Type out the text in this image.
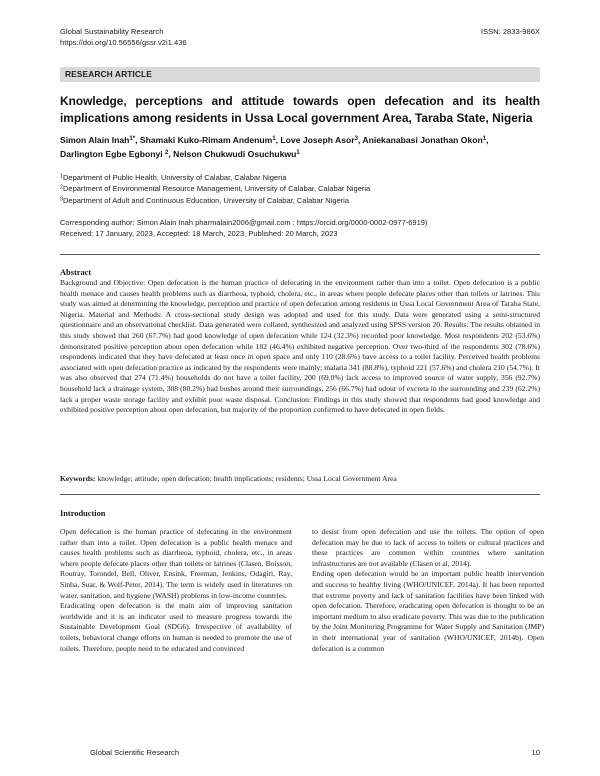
Global Sustainability Research
https://doi.org/10.56556/gssr.v2i1.436
ISSN: 2833-986X
RESEARCH ARTICLE
Knowledge, perceptions and attitude towards open defecation and its health implications among residents in Ussa Local government Area, Taraba State, Nigeria
Simon Alain Inah$^{1*}$, Shamaki Kuko-Rimam Andenum$^1$, Love Joseph Asor$^3$, Aniekanabasi Jonathan Okon$^1$,
Darlington Egbe Egbonyi $^2$, Nelson Chukwudi Osuchukwu$^1$
$^1$Department of Public Health, University of Calabar, Calabar Nigeria
$^2$Department of Environmental Resource Management, University of Calabar, Calabar Nigeria
$^3$Department of Adult and Continuous Education, University of Calabar, Calabar Nigeria
Corresponding author: Simon Alain Inah pharmalain2006@gmail.com ; https://orcid.org/0000-0002-0977-6919)
Received: 17 January, 2023, Accepted: 18 March, 2023, Published: 20 March, 2023
Abstract
Background and Objective: Open defecation is the human practice of defecating in the environment rather than into a toilet. Open defecation is a public health menace and causes health problems such as diarrheoa, typhoid, cholera, etc., in areas where people defecate places other than toilets or latrines. This study was aimed at determining the knowledge, perception and practice of open defecation among residents in Ussa Local Government Area of Taraba State, Nigeria. Material and Methods: A cross-sectional study design was adopted and used for this study. Data were generated using a semi-structured questionnaire and an observational checklist. Data generated were collated, synthesized and analyzed using SPSS version 20. Results: The results obtained in this study showed that 260 (67.7%) had good knowledge of open defecation while 124 (32.3%) recorded poor knowledge. Most respondents 202 (53.6%) demonstrated positive perception about open defecation while 182 (46.4%) exhibited negative perception. Over two-third of the respondents 302 (78.6%) respondents indicated that they have defecated at least once in open space and only 110 (28.6%) have access to a toilet facility. Perceived health problems associated with open defecation practice as indicated by the respondents were mainly; malaria 341 (88.8%), typhoid 221 (57.6%) and cholera 210 (54.7%). It was also observed that 274 (71.4%) households do not have a toilet facility, 200 (69.0%) lack access to improved source of water supply, 356 (92.7%) household lack a drainage system, 308 (80.2%) had bushes around their surroundings, 256 (66.7%) had odour of excreta in the surrounding and 239 (62.2%) lack a proper waste storage facility and exhibit poor waste disposal. Conclusion: Findings in this study showed that respondents had good knowledge and exhibited positive perception about open defecation, but majority of the proportion confirmed to have defecated in open fields.
Keywords: knowledge; attitude; open defecation; health implications; residents; Ussa Local Government Area
Introduction

Open defecation is the human practice of defecating in the environment rather than into a toilet. Open defecation is a public health menace and causes health problems such as diarrheoa, typhoid, cholera, etc., in areas where people defecate places other than toilets or latrines (Clasen, Boisson, Routray, Torondel, Bell, Oliver, Ensink, Freeman, Jenkins, Odagiri, Ray, Sinha, Suar, & Wolf-Peter, 2014). The term is widely used in literatures on water, sanitation, and hygiene (WASH) problems in low-income countries.

Eradicating open defecation is the main aim of improving sanitation worldwide and it is an indicator used to measure progress towards the Sustainable Development Goal (SDG6). Irrespective of availability of toilets, behavioral change efforts on human is needed to promote the use of toilets. Therefore, people need to be educated and convinced

to desist from open defecation and use the toilets. The option of open defecation may be due to lack of access to toilets or cultural practices and these practices are common within countries where sanitation infrastructures are not available (Clasen et al, 2014).

Ending open defecation would be an important public health intervention and success to healthy living (WHO/UNICEF, 2014a). It has been reported that extreme poverty and lack of sanitation facilities have been linked with open defecation. Therefore, eradicating open defecation is thought to be an important medium to also eradicate poverty. This was due to the publication by the Joint Monitoring Programme for Water Supply and Sanitation (JMP) in their international year of sanitation (WHO/UNICEF, 2014b). Open defecation is a common

Global Scientific Research	10
